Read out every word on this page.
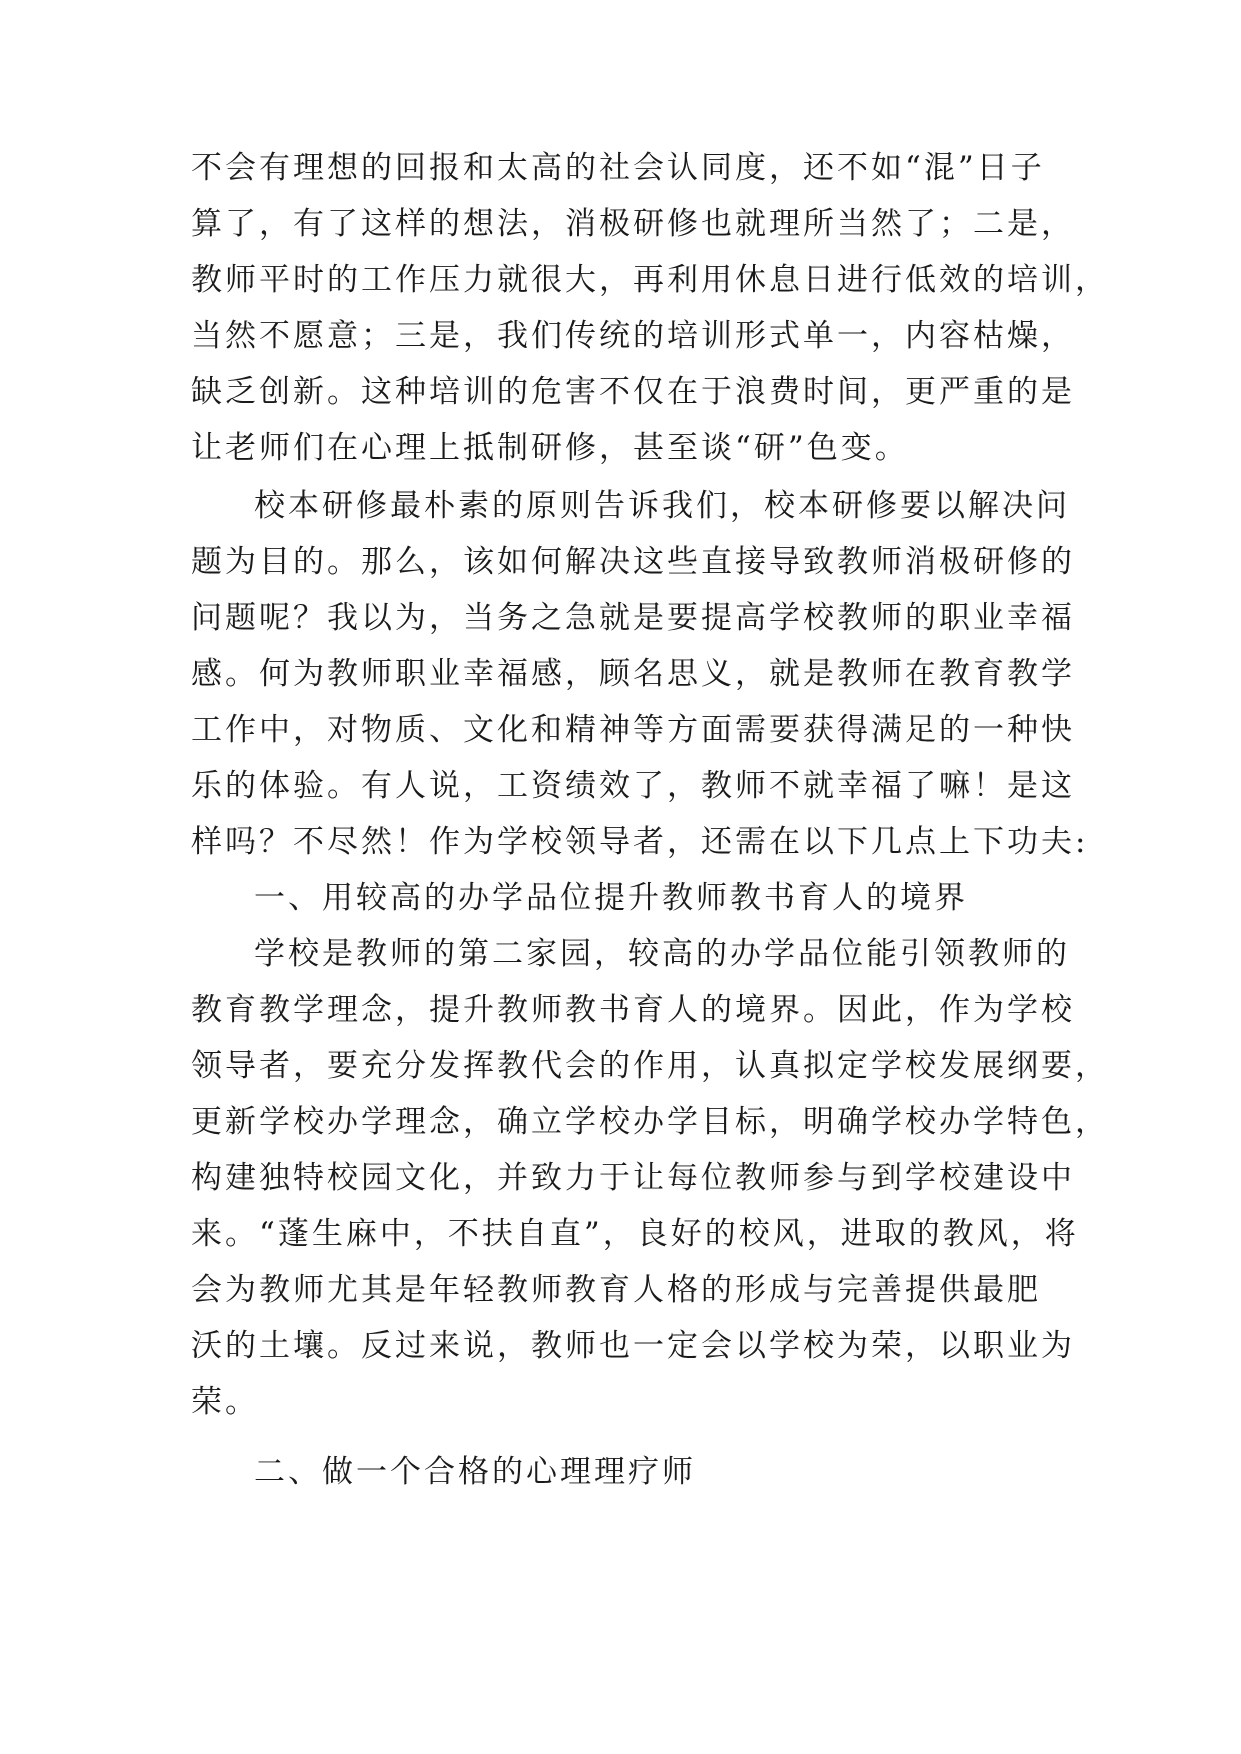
不会有理想的回报和太高的社会认同度，还不如“混”日子
算了，有了这样的想法，消极研修也就理所当然了；二是，
教师平时的工作压力就很大，再利用休息日进行低效的培训，
当然不愿意；三是，我们传统的培训形式单一，内容枯燥，
缺乏创新。这种培训的危害不仅在于浪费时间，更严重的是
让老师们在心理上抵制研修，甚至谈“研”色变。
校本研修最朴素的原则告诉我们，校本研修要以解决问
题为目的。那么，该如何解决这些直接导致教师消极研修的
问题呢？我以为，当务之急就是要提高学校教师的职业幸福
感。何为教师职业幸福感，顾名思义，就是教师在教育教学
工作中，对物质、文化和精神等方面需要获得满足的一种快
乐的体验。有人说，工资绩效了，教师不就幸福了嘛！是这
样吗？不尽然！作为学校领导者，还需在以下几点上下功夫:
一、用较高的办学品位提升教师教书育人的境界
学校是教师的第二家园，较高的办学品位能引领教师的
教育教学理念，提升教师教书育人的境界。因此，作为学校
领导者，要充分发挥教代会的作用，认真拟定学校发展纲要，
更新学校办学理念，确立学校办学目标，明确学校办学特色，
构建独特校园文化，并致力于让每位教师参与到学校建设中
来。“蓬生麻中，不扶自直”，良好的校风，进取的教风，将
会为教师尤其是年轻教师教育人格的形成与完善提供最肥
沃的土壤。反过来说，教师也一定会以学校为荣，以职业为
荣。
二、做一个合格的心理理疗师
